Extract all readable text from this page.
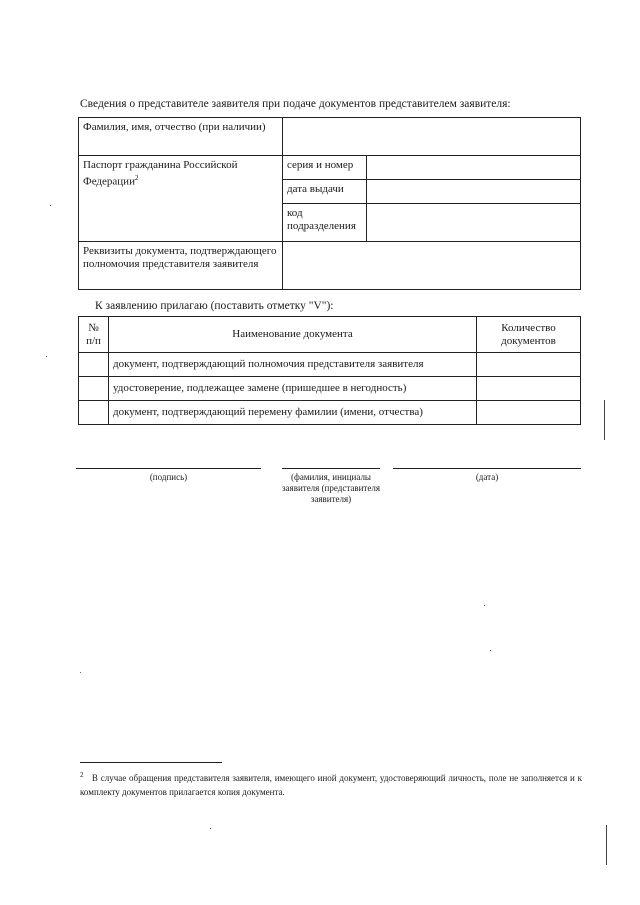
Сведения о представителе заявителя при подаче документов представителем заявителя:
Фамилия, имя, отчество (при наличии)		
Паспорт гражданина Российской Федерации$^2$	серия и номер	
	дата выдачи	
	код подразделения	
Реквизиты документа, подтверждающего полномочия представителя заявителя		
К заявлению прилагаю (поставить отметку "V"):
№ п/п	Наименование документа	Количество документов
	документ, подтверждающий полномочия представителя заявителя	
	удостоверение, подлежащее замене (пришедшее в негодность)	
	документ, подтверждающий перемену фамилии (имени, отчества)	
(подпись)	(фамилия, инициалы заявителя (представителя заявителя)
(дата)
$^2$ В случае обращения представителя заявителя, имеющего иной документ, удостоверяющий личность, поле не заполняется и к комплекту документов прилагается копия документа.
